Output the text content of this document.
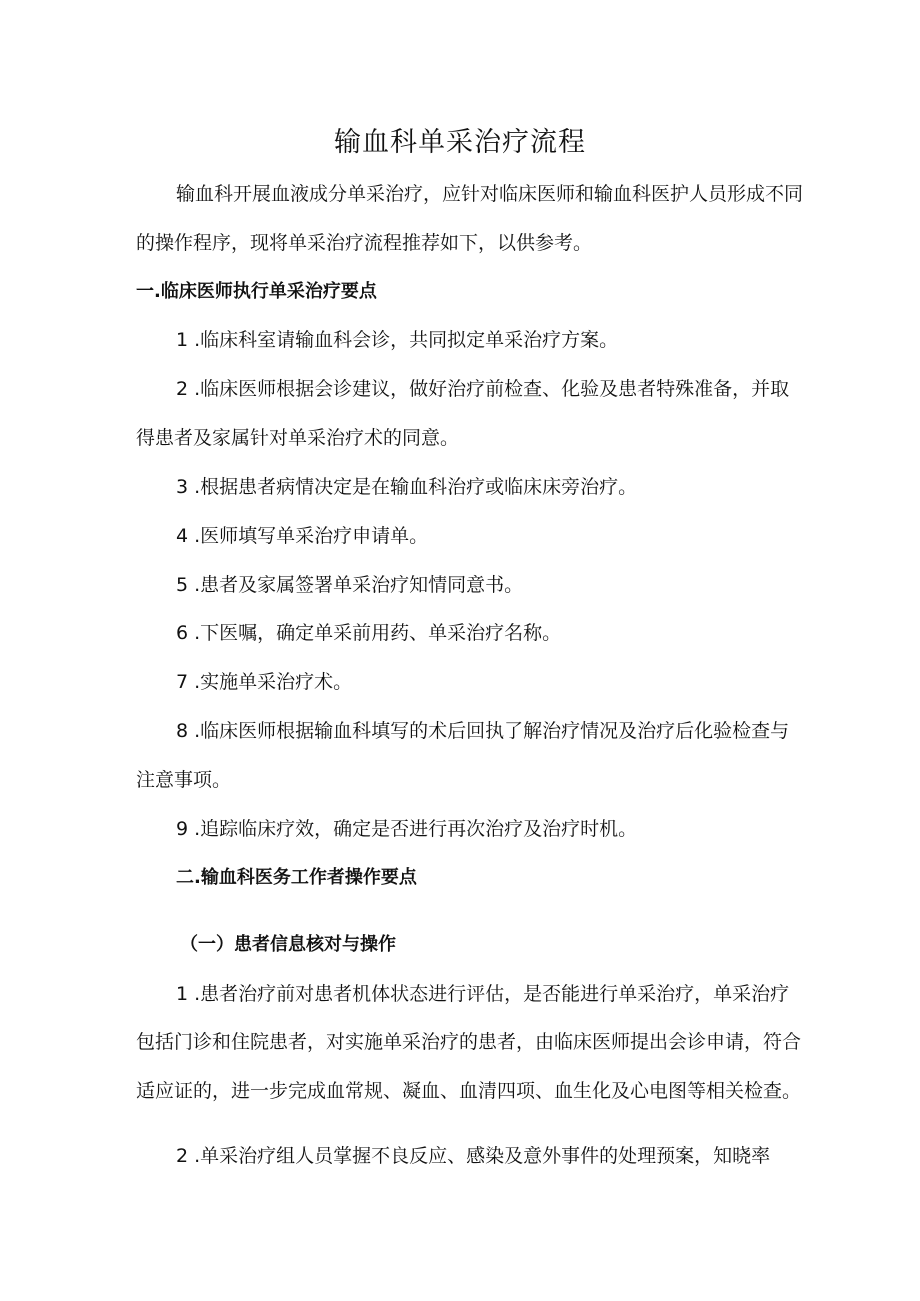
输血科单采治疗流程
输血科开展血液成分单采治疗，应针对临床医师和输血科医护人员形成不同
的操作程序，现将单采治疗流程推荐如下，以供参考。
一.临床医师执行单采治疗要点
1 .临床科室请输血科会诊，共同拟定单采治疗方案。
2 .临床医师根据会诊建议，做好治疗前检查、化验及患者特殊准备，并取
得患者及家属针对单采治疗术的同意。
3 .根据患者病情决定是在输血科治疗或临床床旁治疗。
4 .医师填写单采治疗申请单。
5 .患者及家属签署单采治疗知情同意书。
6 .下医嘱，确定单采前用药、单采治疗名称。
7 .实施单采治疗术。
8 .临床医师根据输血科填写的术后回执了解治疗情况及治疗后化验检查与
注意事项。
9 .追踪临床疗效，确定是否进行再次治疗及治疗时机。
二.输血科医务工作者操作要点
（一）患者信息核对与操作
1 .患者治疗前对患者机体状态进行评估，是否能进行单采治疗，单采治疗
包括门诊和住院患者，对实施单采治疗的患者，由临床医师提出会诊申请，符合
适应证的，进一步完成血常规、凝血、血清四项、血生化及心电图等相关检查。
2 .单采治疗组人员掌握不良反应、感染及意外事件的处理预案，知晓率
